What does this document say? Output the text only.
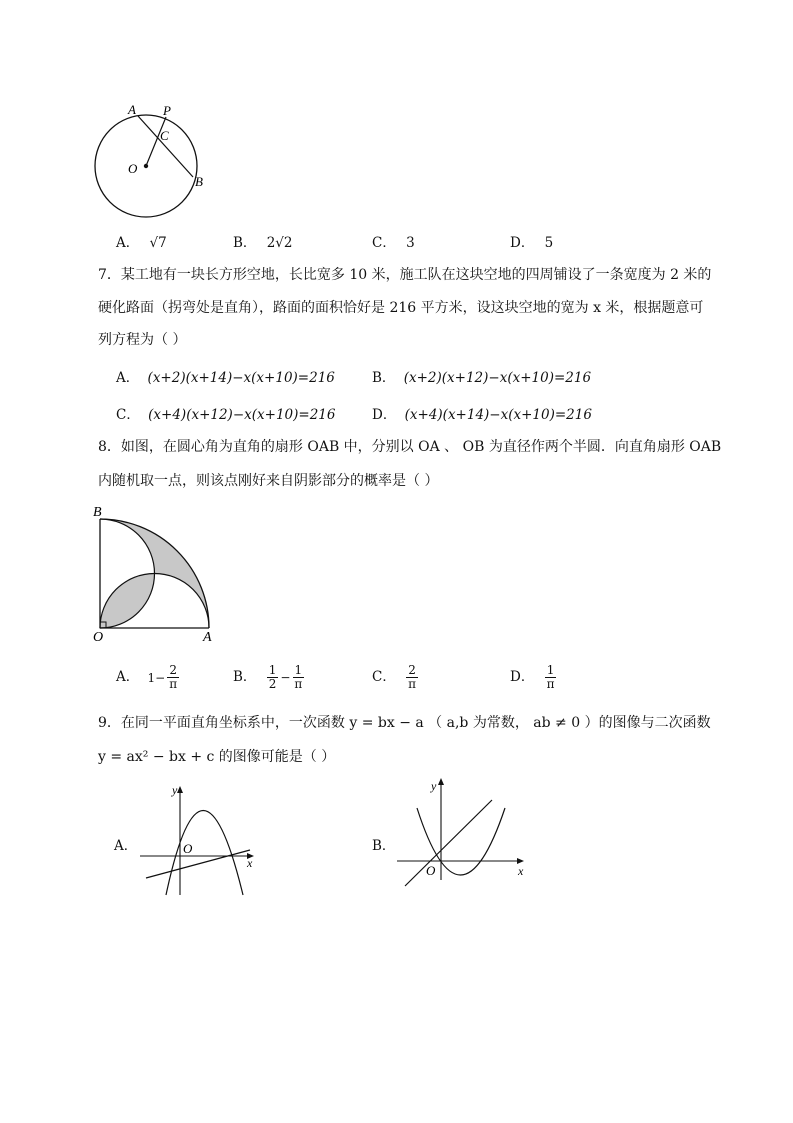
A P
C
O
B
A． √7	B． 2√2	C． 3	D． 5
7．某工地有一块长方形空地，长比宽多 10 米，施工队在这块空地的四周铺设了一条宽度为 2 米的
硬化路面（拐弯处是直角），路面的面积恰好是 216 平方米，设这块空地的宽为 x 米，根据题意可
列方程为（ ）
A． (x+2)(x+14)−x(x+10)=216	B． (x+2)(x+12)−x(x+10)=216
C． (x+4)(x+12)−x(x+10)=216	D． (x+4)(x+14)−x(x+10)=216
8．如图，在圆心角为直角的扇形 OAB 中，分别以 OA 、 OB 为直径作两个半圆．向直角扇形 OAB
内随机取一点，则该点刚好来自阴影部分的概率是（ ）
B
O	A
A． $1- \frac{2}{\pi}$	B． $\frac{1}{2} - \frac{1}{\pi}$	C． $\frac{2}{\pi}$	D． $\frac{1}{\pi}$
9．在同一平面直角坐标系中，一次函数 y = bx − a （ a,b 为常数， ab ≠ 0 ）的图像与二次函数
y = ax² − bx + c 的图像可能是（ ）
A．
y
O
x
B．
y
O	x
